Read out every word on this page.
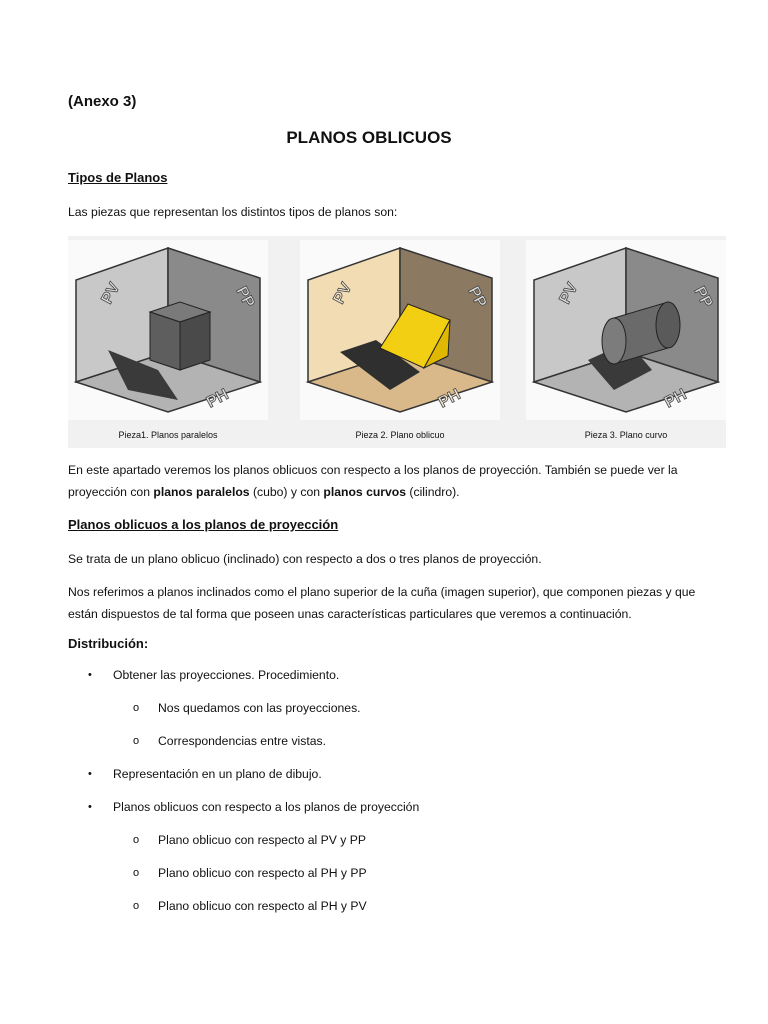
(Anexo 3)
PLANOS OBLICUOS
Tipos de Planos
Las piezas que representan los distintos tipos de planos son:
PV	PP
PH
PV	PP
PH
PV	PP
PH
Pieza1. Planos paralelos	Pieza 2. Plano oblicuo	Pieza 3. Plano curvo
En este apartado veremos los planos oblicuos con respecto a los planos de proyección. También se puede ver la proyección con planos paralelos (cubo) y con planos curvos (cilindro).
Planos oblicuos a los planos de proyección
Se trata de un plano oblicuo (inclinado) con respecto a dos o tres planos de proyección.
Nos referimos a planos inclinados como el plano superior de la cuña (imagen superior), que componen piezas y que están dispuestos de tal forma que poseen unas características particulares que veremos a continuación.
Distribución:
•	Obtener las proyecciones. Procedimiento.
o	Nos quedamos con las proyecciones.
o	Correspondencias entre vistas.
•	Representación en un plano de dibujo.
•	Planos oblicuos con respecto a los planos de proyección
o	Plano oblicuo con respecto al PV y PP
o	Plano oblicuo con respecto al PH y PP
o	Plano oblicuo con respecto al PH y PV
